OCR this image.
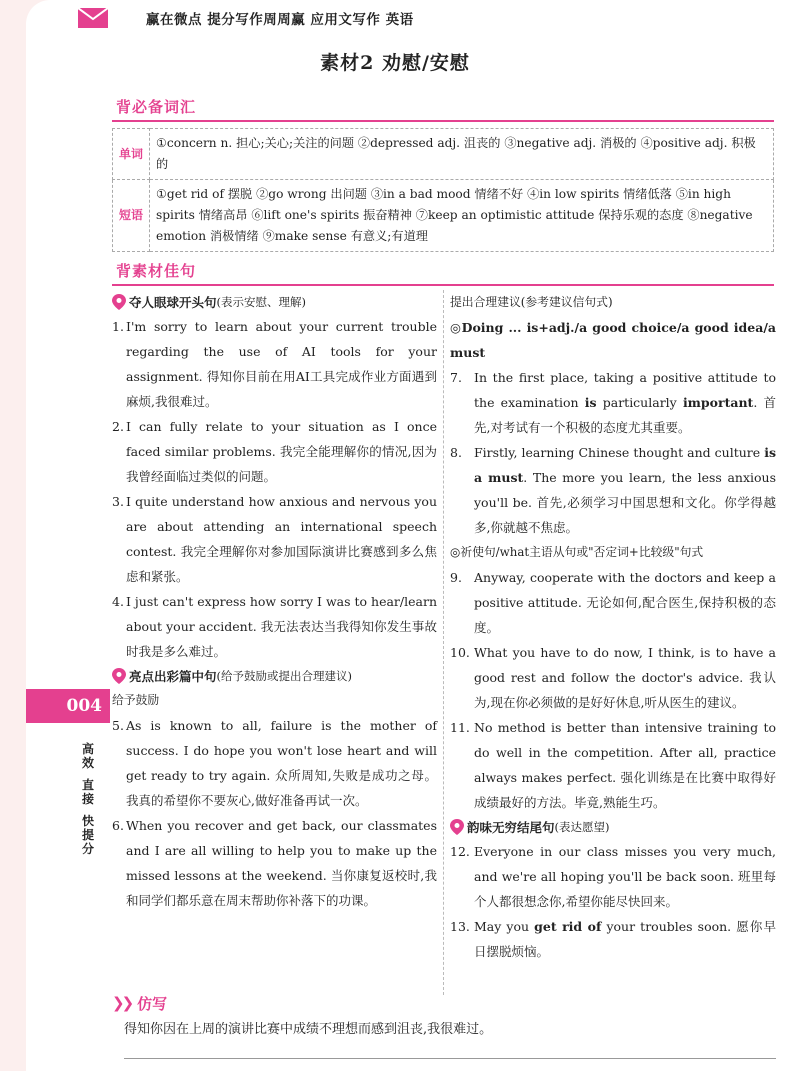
赢在微点 提分写作周周赢 应用文写作 英语
素材2 劝慰/安慰
背必备词汇
单词	①concern n. 担心;关心;关注的问题 ②depressed adj. 沮丧的 ③negative adj. 消极的 ④positive adj. 积极的
短语	①get rid of 摆脱 ②go wrong 出问题 ③in a bad mood 情绪不好 ④in low spirits 情绪低落 ⑤in high spirits 情绪高昂 ⑥lift one's spirits 振奋精神 ⑦keep an optimistic attitude 保持乐观的态度 ⑧negative emotion 消极情绪 ⑨make sense 有意义;有道理
背素材佳句
夺人眼球开头句 (表示安慰、理解)
1. I'm sorry to learn about your current trouble regarding the use of AI tools for your assignment. 得知你目前在用AI工具完成作业方面遇到麻烦,我很难过。
2. I can fully relate to your situation as I once faced similar problems. 我完全能理解你的情况,因为我曾经面临过类似的问题。
3. I quite understand how anxious and nervous you are about attending an international speech contest. 我完全理解你对参加国际演讲比赛感到多么焦虑和紧张。
4. I just can't express how sorry I was to hear/learn about your accident. 我无法表达当我得知你发生事故时我是多么难过。
亮点出彩篇中句 (给予鼓励或提出合理建议)
给予鼓励
5. As is known to all, failure is the mother of success. I do hope you won't lose heart and will get ready to try again. 众所周知,失败是成功之母。我真的希望你不要灰心,做好准备再试一次。
6. When you recover and get back, our classmates and I are all willing to help you to make up the missed lessons at the weekend. 当你康复返校时,我和同学们都乐意在周末帮助你补落下的功课。
提出合理建议(参考建议信句式)
◎Doing ... is+adj./a good choice/a good idea/a must
7. In the first place, taking a positive attitude to the examination is particularly important. 首先,对考试有一个积极的态度尤其重要。
8. Firstly, learning Chinese thought and culture is a must. The more you learn, the less anxious you'll be. 首先,必须学习中国思想和文化。你学得越多,你就越不焦虑。
◎祈使句/what主语从句或"否定词+比较级"句式
9. Anyway, cooperate with the doctors and keep a positive attitude. 无论如何,配合医生,保持积极的态度。
10. What you have to do now, I think, is to have a good rest and follow the doctor's advice. 我认为,现在你必须做的是好好休息,听从医生的建议。
11. No method is better than intensive training to do well in the competition. After all, practice always makes perfect. 强化训练是在比赛中取得好成绩最好的方法。毕竟,熟能生巧。
韵味无穷结尾句 (表达愿望)
12. Everyone in our class misses you very much, and we're all hoping you'll be back soon. 班里每个人都很想念你,希望你能尽快回来。
13. May you get rid of your troubles soon. 愿你早日摆脱烦恼。
004
高
效
直
接
快
提
分
❯❯ 仿写
得知你因在上周的演讲比赛中成绩不理想而感到沮丧,我很难过。
